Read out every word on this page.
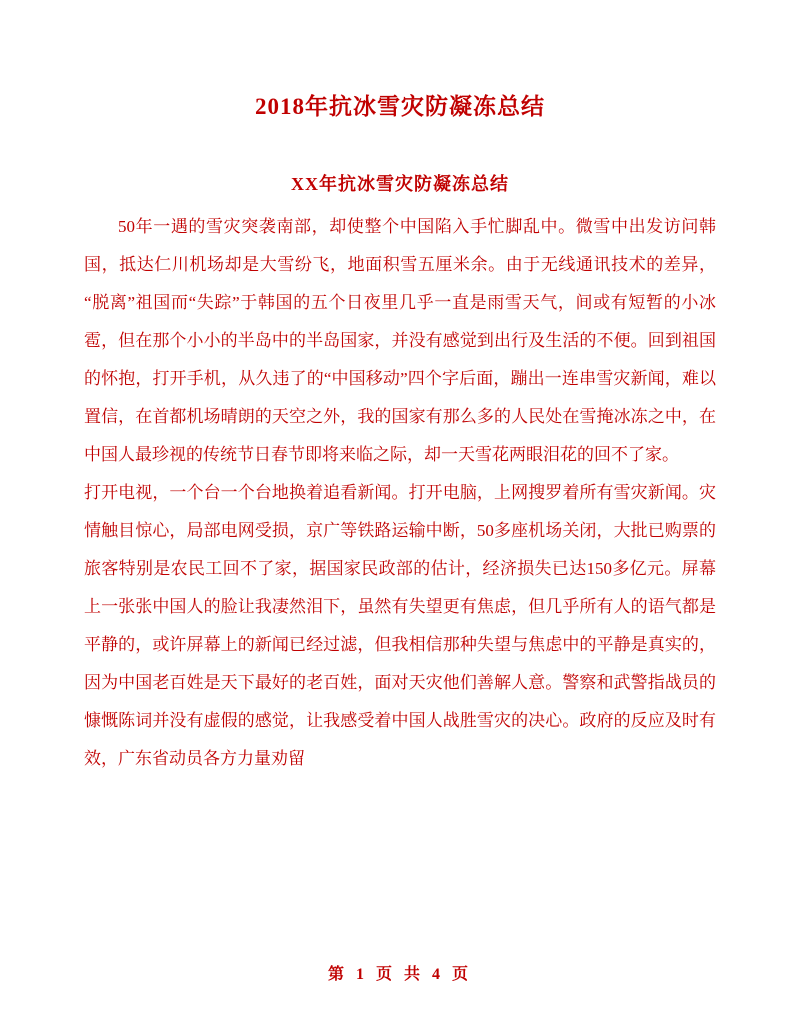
2018年抗冰雪灾防凝冻总结
XX年抗冰雪灾防凝冻总结

50年一遇的雪灾突袭南部，却使整个中国陷入手忙脚乱中。微雪中出发访问韩国，抵达仁川机场却是大雪纷飞，地面积雪五厘米余。由于无线通讯技术的差异，“脱离”祖国而“失踪”于韩国的五个日夜里几乎一直是雨雪天气，间或有短暂的小冰雹，但在那个小小的半岛中的半岛国家，并没有感觉到出行及生活的不便。回到祖国的怀抱，打开手机，从久违了的“中国移动”四个字后面，蹦出一连串雪灾新闻，难以置信，在首都机场晴朗的天空之外，我的国家有那么多的人民处在雪掩冰冻之中，在中国人最珍视的传统节日春节即将来临之际，却一天雪花两眼泪花的回不了家。

打开电视，一个台一个台地换着追看新闻。打开电脑，上网搜罗着所有雪灾新闻。灾情触目惊心，局部电网受损，京广等铁路运输中断，50多座机场关闭，大批已购票的旅客特别是农民工回不了家，据国家民政部的估计，经济损失已达150多亿元。屏幕上一张张中国人的脸让我凄然泪下，虽然有失望更有焦虑，但几乎所有人的语气都是平静的，或许屏幕上的新闻已经过滤，但我相信那种失望与焦虑中的平静是真实的，因为中国老百姓是天下最好的老百姓，面对天灾他们善解人意。警察和武警指战员的慷慨陈词并没有虚假的感觉，让我感受着中国人战胜雪灾的决心。政府的反应及时有效，广东省动员各方力量劝留

第 1 页 共 4 页
